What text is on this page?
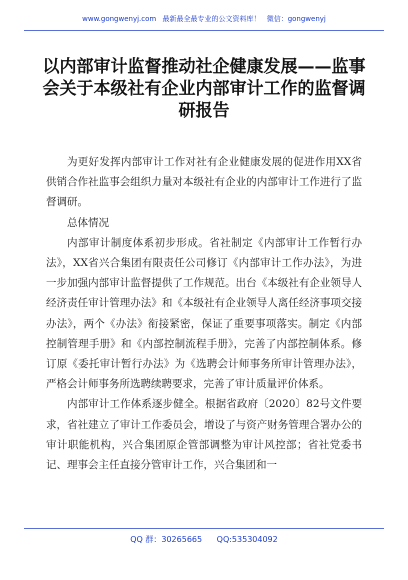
www.gongwenyj.com 最新最全最专业的公文资料库！ 微信：gongwenyj
以内部审计监督推动社企健康发展——监事会关于本级社有企业内部审计工作的监督调研报告

为更好发挥内部审计工作对社有企业健康发展的促进作用XX省供销合作社监事会组织力量对本级社有企业的内部审计工作进行了监督调研。

总体情况

内部审计制度体系初步形成。省社制定《内部审计工作暂行办法》，XX省兴合集团有限责任公司修订《内部审计工作办法》，为进一步加强内部审计监督提供了工作规范。出台《本级社有企业领导人经济责任审计管理办法》和《本级社有企业领导人离任经济事项交接办法》，两个《办法》衔接紧密，保证了重要事项落实。制定《内部控制管理手册》和《内部控制流程手册》，完善了内部控制体系。修订原《委托审计暂行办法》为《选聘会计师事务所审计管理办法》，严格会计师事务所选聘续聘要求，完善了审计质量评价体系。

内部审计工作体系逐步健全。根据省政府〔2020〕82号文件要求，省社建立了审计工作委员会，增设了与资产财务管理合署办公的审计职能机构，兴合集团原企管部调整为审计风控部；省社党委书记、理事会主任直接分管审计工作，兴合集团和一

QQ 群：30265665 QQ:535304092
